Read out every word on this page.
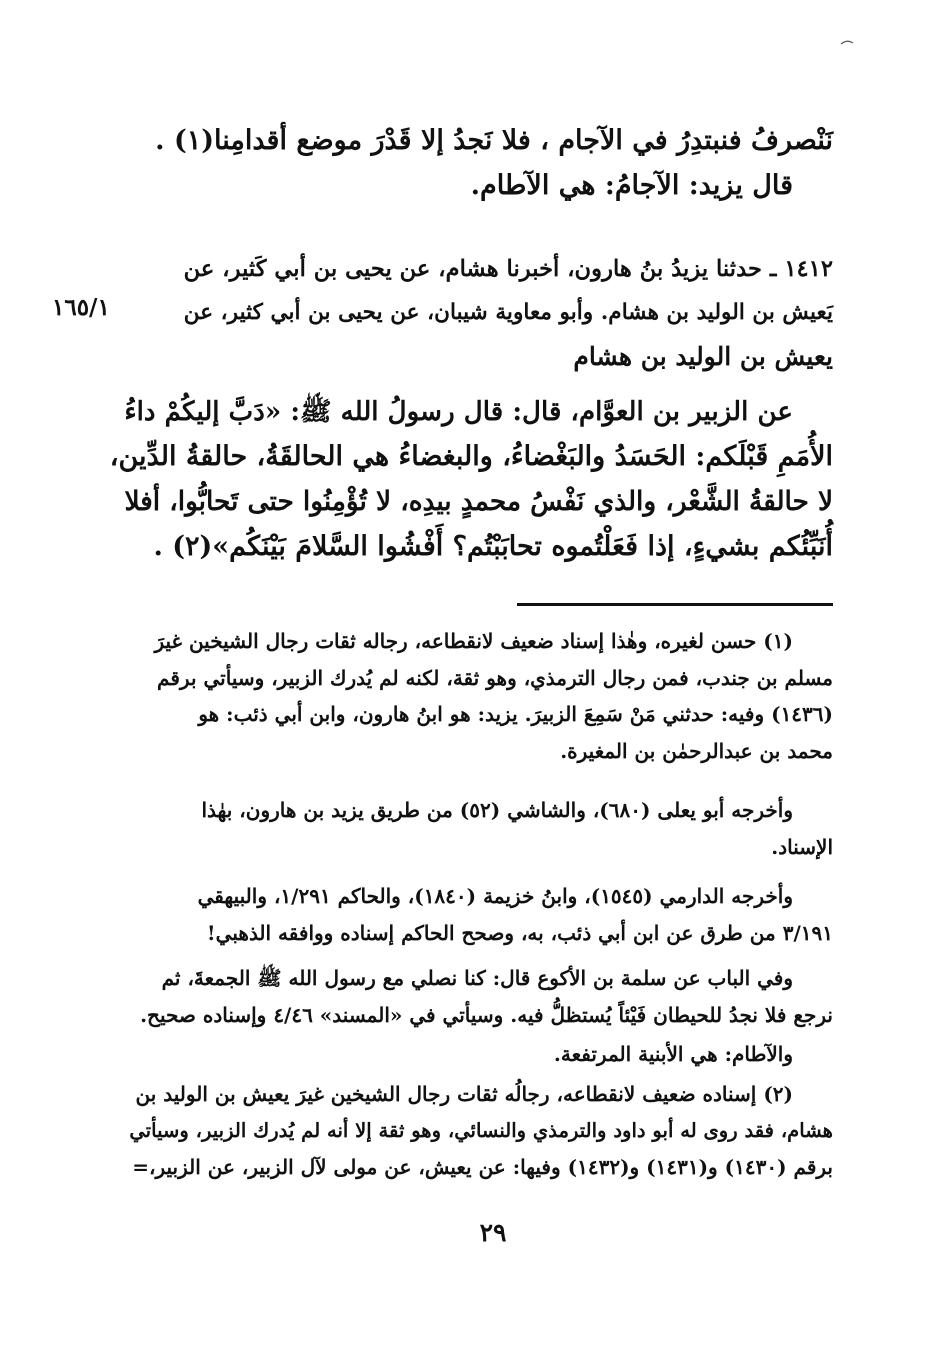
نَنْصرفُ فنبتدِرُ في الآجام ، فلا نَجدُ إلا قَدْرَ موضع أقدامِنا(١) .
قال يزيد: الآجامُ: هي الآطام.
١٤١٢ ـ حدثنا يزيدُ بنُ هارون، أخبرنا هشام، عن يحيى بن أبي كَثير، عن
يَعيش بن الوليد بن هشام. وأبو معاوية شيبان، عن يحيى بن أبي كثير، عن
يعيش بن الوليد بن هشام
١٦٥/١
عن الزبير بن العوَّام، قال: قال رسولُ الله ﷺ: «دَبَّ إليكُمْ داءُ
الأُمَمِ قَبْلَكم: الحَسَدُ والبَغْضاءُ، والبغضاءُ هي الحالقَةُ، حالقةُ الدِّين،
لا حالقةُ الشَّعْر، والذي نَفْسُ محمدٍ بيدِه، لا تُؤْمِنُوا حتى تَحابُّوا، أفلا
أُنَبِّئُكم بشيءٍ، إذا فَعَلْتُموه تحابَبْتُم؟ أَفْشُوا السَّلامَ بَيْنَكُم»(٢) .
(١) حسن لغيره، وهٰذا إسناد ضعيف لانقطاعه، رجاله ثقات رجال الشيخين غيرَ
مسلم بن جندب، فمن رجال الترمذي، وهو ثقة، لكنه لم يُدرك الزبير، وسيأتي برقم
(١٤٣٦) وفيه: حدثني مَنْ سَمِعَ الزبيرَ. يزيد: هو ابنُ هارون، وابن أبي ذئب: هو
محمد بن عبدالرحمٰن بن المغيرة.
وأخرجه أبو يعلى (٦٨٠)، والشاشي (٥٢) من طريق يزيد بن هارون، بهٰذا
الإسناد.
وأخرجه الدارمي (١٥٤٥)، وابنُ خزيمة (١٨٤٠)، والحاكم ١/٢٩١، والبيهقي
٣/١٩١ من طرق عن ابن أبي ذئب، به، وصحح الحاكم إسناده ووافقه الذهبي!
وفي الباب عن سلمة بن الأكوع قال: كنا نصلي مع رسول الله ﷺ الجمعةَ، ثم
نرجع فلا نجدُ للحيطان فَيْئاً يُستظلُّ فيه. وسيأتي في «المسند» ٤/٤٦ وإسناده صحيح.
والآطام: هي الأبنية المرتفعة.
(٢) إسناده ضعيف لانقطاعه، رجالُه ثقات رجال الشيخين غيرَ يعيش بن الوليد بن
هشام، فقد روى له أبو داود والترمذي والنسائي، وهو ثقة إلا أنه لم يُدرك الزبير، وسيأتي
برقم (١٤٣٠) و(١٤٣١) و(١٤٣٢) وفيها: عن يعيش، عن مولى لآل الزبير، عن الزبير،=
٢٩
